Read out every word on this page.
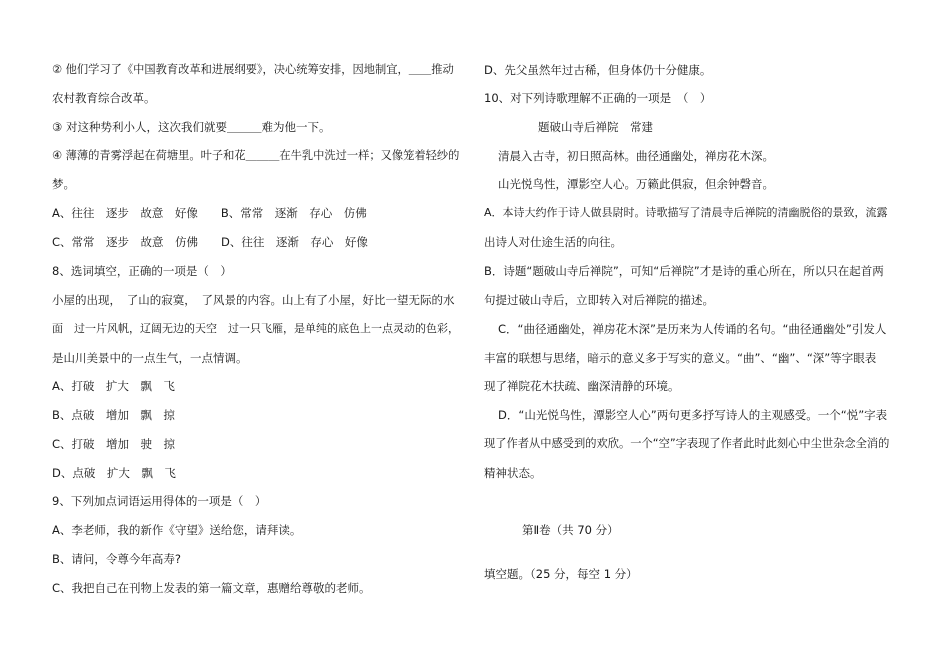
② 他们学习了《中国教育改革和进展纲要》，决心统筹安排，因地制宜，＿＿推动
农村教育综合改革。
③ 对这种势利小人，这次我们就要＿＿＿难为他一下。
④ 薄薄的青雾浮起在荷塘里。叶子和花＿＿＿在牛乳中洗过一样；又像笼着轻纱的
梦。
A、往往　逐步　故意　好像　　B、常常　逐渐　存心　仿佛
C、常常　逐步　故意　仿佛　　D、往往　逐渐　存心　好像
8、选词填空，正确的一项是（　）
小屋的出现，　了山的寂寞，　了风景的内容。山上有了小屋，好比一望无际的水
面　过一片风帆，辽阔无边的天空　过一只飞雁，是单纯的底色上一点灵动的色彩，
是山川美景中的一点生气，一点情调。
A、打破　扩大　飘　飞
B、点破　增加　飘　掠
C、打破　增加　驶　掠
D、点破　扩大　飘　飞
9、下列加点词语运用得体的一项是（　）
A、李老师，我的新作《守望》送给您，请拜读。
B、请问，令尊今年高寿?
C、我把自己在刊物上发表的第一篇文章，惠赠给尊敬的老师。
D、先父虽然年过古稀，但身体仍十分健康。
10、对下列诗歌理解不正确的一项是　（　）
题破山寺后禅院　常建
清晨入古寺，初日照高林。曲径通幽处，禅房花木深。
山光悦鸟性，潭影空人心。万籁此俱寂，但余钟磬音。
A．本诗大约作于诗人做县尉时。诗歌描写了清晨寺后禅院的清幽脱俗的景致，流露
出诗人对仕途生活的向往。
B．诗题“题破山寺后禅院”，可知“后禅院”才是诗的重心所在，所以只在起首两
句提过破山寺后，立即转入对后禅院的描述。
C．“曲径通幽处，禅房花木深”是历来为人传诵的名句。“曲径通幽处”引发人
丰富的联想与思绪，暗示的意义多于写实的意义。“曲”、“幽”、“深”等字眼表
现了禅院花木扶疏、幽深清静的环境。
D．“山光悦鸟性，潭影空人心”两句更多抒写诗人的主观感受。一个“悦”字表
现了作者从中感受到的欢欣。一个“空”字表现了作者此时此刻心中尘世杂念全消的
精神状态。
第Ⅱ卷（共 70 分）
填空题。（25 分，每空 1 分）
